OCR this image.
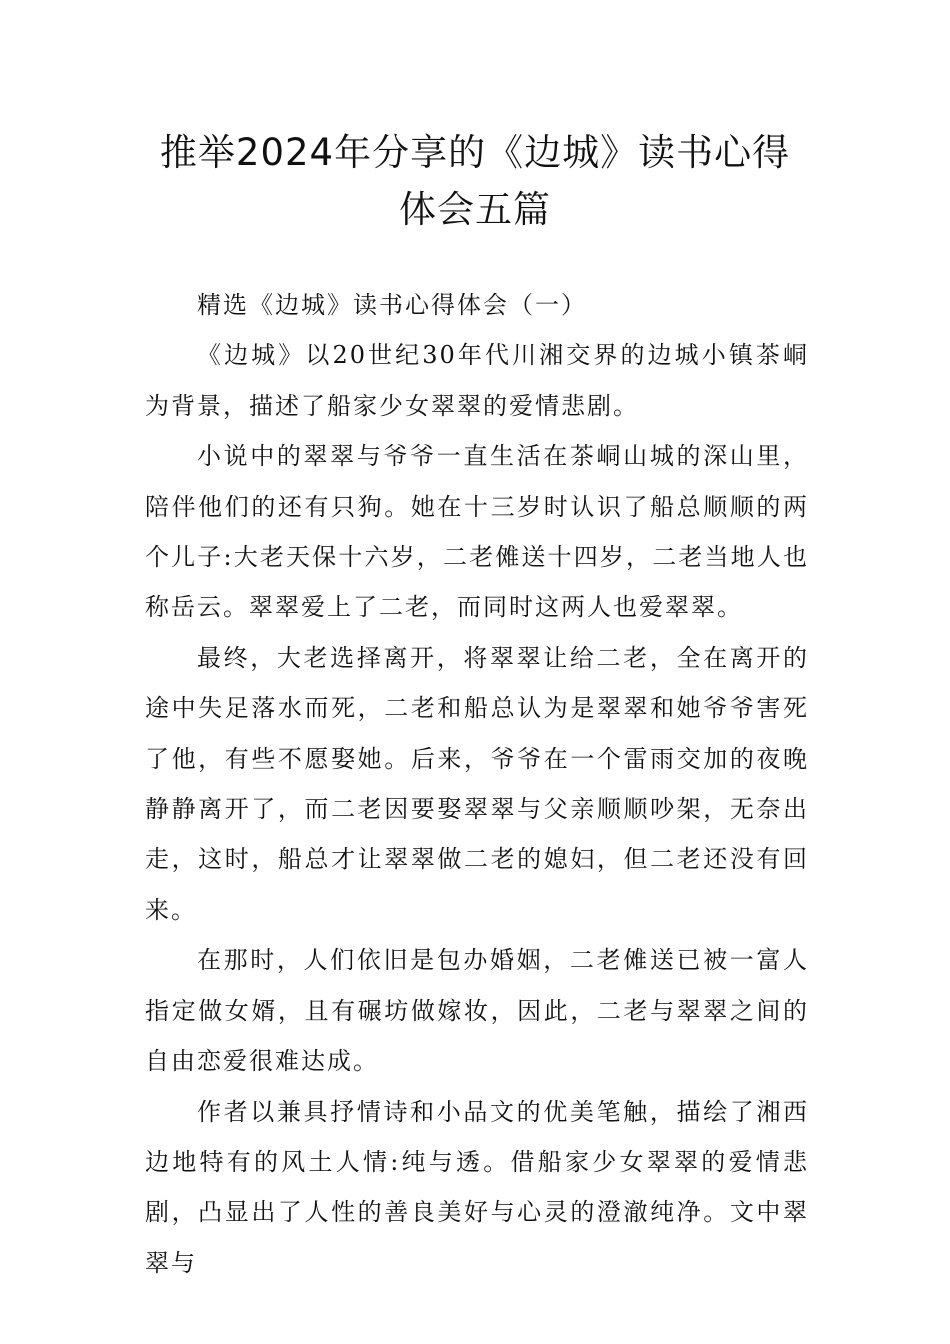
推举2024年分享的《边城》读书心得
体会五篇

精选《边城》读书心得体会（一）

《边城》以20世纪30年代川湘交界的边城小镇茶峒为背景，描述了船家少女翠翠的爱情悲剧。

小说中的翠翠与爷爷一直生活在茶峒山城的深山里，陪伴他们的还有只狗。她在十三岁时认识了船总顺顺的两个儿子:大老天保十六岁，二老傩送十四岁，二老当地人也称岳云。翠翠爱上了二老，而同时这两人也爱翠翠。

最终，大老选择离开，将翠翠让给二老，全在离开的途中失足落水而死，二老和船总认为是翠翠和她爷爷害死了他，有些不愿娶她。后来，爷爷在一个雷雨交加的夜晚静静离开了，而二老因要娶翠翠与父亲顺顺吵架，无奈出走，这时，船总才让翠翠做二老的媳妇，但二老还没有回来。

在那时，人们依旧是包办婚姻，二老傩送已被一富人指定做女婿，且有碾坊做嫁妆，因此，二老与翠翠之间的自由恋爱很难达成。

作者以兼具抒情诗和小品文的优美笔触，描绘了湘西边地特有的风土人情:纯与透。借船家少女翠翠的爱情悲剧，凸显出了人性的善良美好与心灵的澄澈纯净。文中翠翠与
